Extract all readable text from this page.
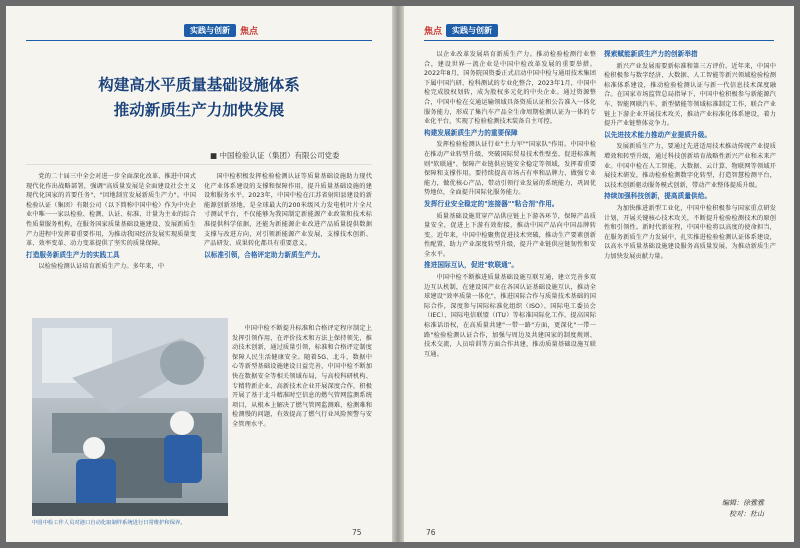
实践与创新	焦点
构建高水平质量基础设施体系
推动新质生产力加快发展
■ 中国检验认证（集团）有限公司党委

党的二十届三中全会对进一步全面深化改革、推进中国式现代化作出战略部署，强调"高质量发展是全面建设社会主义现代化国家的首要任务"、"因地制宜发展新质生产力"。中国检验认证（集团）有限公司（以下简称中国中检）作为中央企业中唯一一家以检验、检测、认证、标准、计量为主业的综合性质量服务机构，在服务国家质量基础设施建设、发展新质生产力进程中发挥着重要作用，为推动我国经济发展实现质量变革、效率变革、动力变革提供了坚实的质量保障。

打造服务新质生产力的实践工具

以检验检测认证培育新质生产力。多年来，中

国中检积极发挥检验检测认证等质量基础设施助力现代化产业体系建设的支撑和保障作用，提升质量基础设施的建设和服务水平，2023年，中国中检在江苏省射阳县建设的新能源创新基地，是全球最大的200米级风力发电机叶片全尺寸测试平台，不仅能够为我国制定新能源产业政策和技术标准提供科学依据，还能为新能源企业改进产品质量提供数据支撑与改进方向，对引领新能源产业发展，支撑技术创新、产品研发、成果转化都具有重要意义。

以标准引领，合格评定助力新质生产力。

中国中检不断提升标准和合格评定程序制定上发挥引领作用，在评价技术和方法上保持领先，推动技术创新，通过质量引领，标准和合格评定制度保障人民生活健康安全。随着5G、北斗、数据中心等新型基础设施建设日益完善，中国中检不断加快在数据安全等相关领域布局，与高校科研机构、专精特新企业、高新技术企业开展深度合作，积极开展了基于北斗精准时空信息的燃气管网监测系统项目，从根本上解决了燃气管网监测难、检测难和检测慢的问题，有效提高了燃气行业风险预警与安全管理水平。

中国中检工作人员对港口自动化取制样系统进行日常维护和保养。
75
焦点	实践与创新

以企业改革发展培育新质生产力。推动检验检测行业整合，建设世界一流企业是中国中检改革发展的重要举措。2022年8月，国务院国资委正式启动中国中检与通用技术集团下属中国汽研、检科测试的专业化整合，2023年1月，中国中检完成股权划转，成为股权多元化的中央企业。通过资源整合，中国中检在交通运输领域具备资质认证和公告准入一体化服务能力，形成了集汽车产品全生命周期检测认证为一体的专业化平台，实现了检验检测技术装备自主可控。

构建发展新质生产力的重要保障

发挥检验检测认证行业"主力军""国家队"作用。中国中检在推动产业转型升级、突破国际贸易技术性壁垒、促进标准规则"软联通"、保障产业链供应链安全稳定等领域，发挥着重要保障和支撑作用。要持续提高市场占有率和品牌力，做强专业能力，做优核心产品，带动引领行业发展的系统能力，巩固优势地位，全面提升国际化服务能力。

发挥行业安全稳定的"连接器""粘合剂"作用。

质量基础设施贯穿产品供应链上下游各环节，保障产品质量安全，促进上下游有效衔接，推动中国产品向中国品牌转变。近年来，中国中检聚焦促进技术突破，推动生产要素创新性配置，助力产业深度转型升级，提升产业链供应链韧性和安全水平。

推进国际互认，促进"软联通"。

中国中检不断推进质量基础设施互联互通，建立完善多双边互认机制，在建设国产业在各国认证基础设施互认，推动全球建设"效率质量一体化"，推进国际合作与质量技术基础的国际合作，深度参与国际标准化组织（ISO）、国际电工委员会（IEC）、国际电信联盟（ITU）等标准国际化工作，提高国际标准话语权，在高质量共建"一带一路"方面，更深化"一带一路"检验检测认证合作，加强与周边及共建国家的制度规则、技术交流，人员培训等方面合作共建，推动质量基础设施互联互通。

探索赋能新质生产力的创新举措

新兴产业发展需要新标准和第三方评价。近年来，中国中检积极参与数字经济、大数据、人工智能等新兴领域检验检测标准体系建设，推动检验检测认证与新一代信息技术深度融合。在国家市场监管总局指导下，中国中检积极参与新能源汽车、智能网联汽车、新型储能等领域标准制定工作，联合产业链上下游企业开展技术攻关，推动产业标准化体系建设，着力提升产业链整体竞争力。

以先进技术能力推动产业提质升级。

发展新质生产力，要通过先进适用技术推动传统产业提质增效和转型升级，通过科技创新培育战略性新兴产业和未来产业。中国中检在人工智能、大数据、云计算、物联网等领域开展技术研发，推动检验检测数字化转型，打造智慧检测平台，以技术创新驱动服务模式创新，带动产业整体提质升级。

持续加强科技创新，提高质量供给。

为加快推进新型工业化，中国中检积极参与国家重点研发计划，开展关键核心技术攻关，不断提升检验检测技术的原创性和引领性。新时代新征程，中国中检将以高度的使命担当，在服务新质生产力发展中，扎实推进检验检测认证体系建设，以高水平质量基础设施建设服务高质量发展，为推动新质生产力加快发展贡献力量。

编辑：徐雅雅
校对：杜山
76
